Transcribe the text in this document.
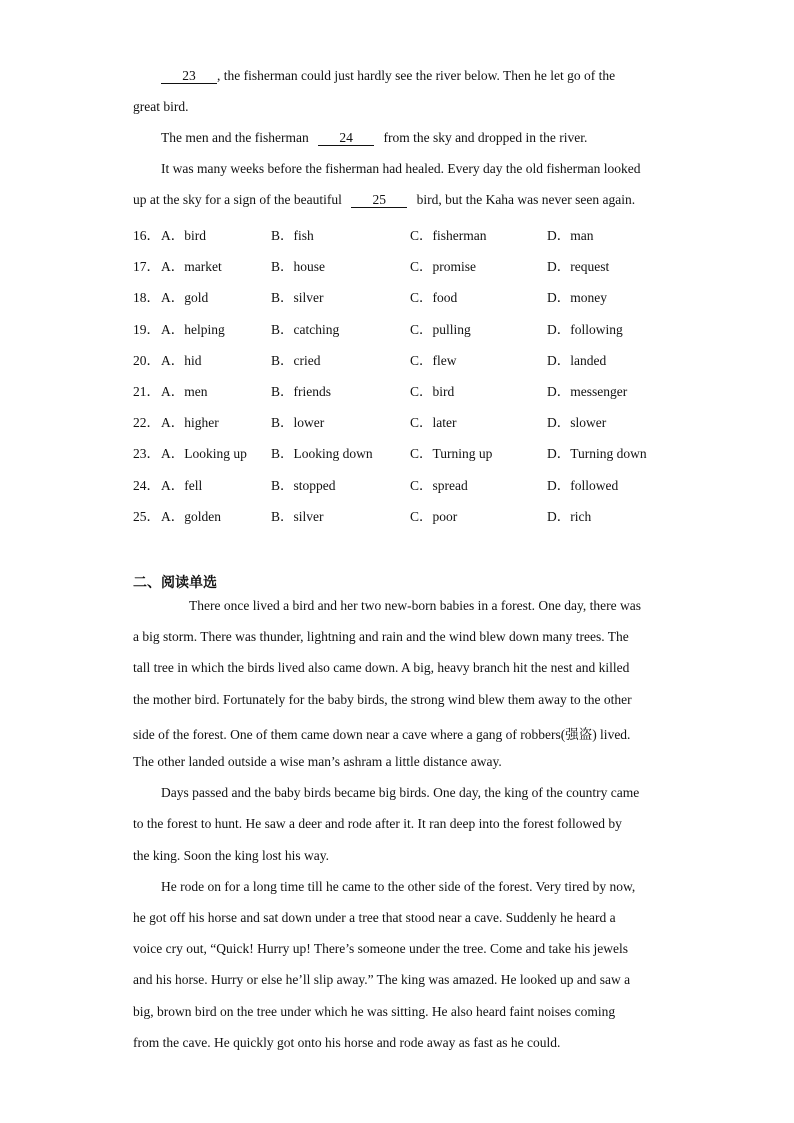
23 , the fisherman could just hardly see the river below. Then he let go of the
great bird.
The men and the fisherman 24 from the sky and dropped in the river.
It was many weeks before the fisherman had healed. Every day the old fisherman looked
up at the sky for a sign of the beautiful 25 bird, but the Kaha was never seen again.
16． A．bird	B．fish	C．fisherman	D．man
17． A．market	B．house	C．promise	D．request
18． A．gold	B．silver	C．food	D．money
19． A．helping	B．catching	C．pulling	D．following
20． A．hid	B．cried	C．flew	D．landed
21． A．men	B．friends	C．bird	D．messenger
22． A．higher	B．lower	C．later	D．slower
23． A．Looking up B．Looking down	C．Turning up	D．Turning down
24． A．fell	B．stopped	C．spread	D．followed
25． A．golden	B．silver	C．poor	D．rich
二、阅读单选
There once lived a bird and her two new-born babies in a forest. One day, there was
a big storm. There was thunder, lightning and rain and the wind blew down many trees. The
tall tree in which the birds lived also came down. A big, heavy branch hit the nest and killed
the mother bird. Fortunately for the baby birds, the strong wind blew them away to the other
side of the forest. One of them came down near a cave where a gang of robbers(强盗) lived.
The other landed outside a wise man’s ashram a little distance away.
Days passed and the baby birds became big birds. One day, the king of the country came
to the forest to hunt. He saw a deer and rode after it. It ran deep into the forest followed by
the king. Soon the king lost his way.
He rode on for a long time till he came to the other side of the forest. Very tired by now,
he got off his horse and sat down under a tree that stood near a cave. Suddenly he heard a
voice cry out, “Quick! Hurry up! There’s someone under the tree. Come and take his jewels
and his horse. Hurry or else he’ll slip away.” The king was amazed. He looked up and saw a
big, brown bird on the tree under which he was sitting. He also heard faint noises coming
from the cave. He quickly got onto his horse and rode away as fast as he could.
